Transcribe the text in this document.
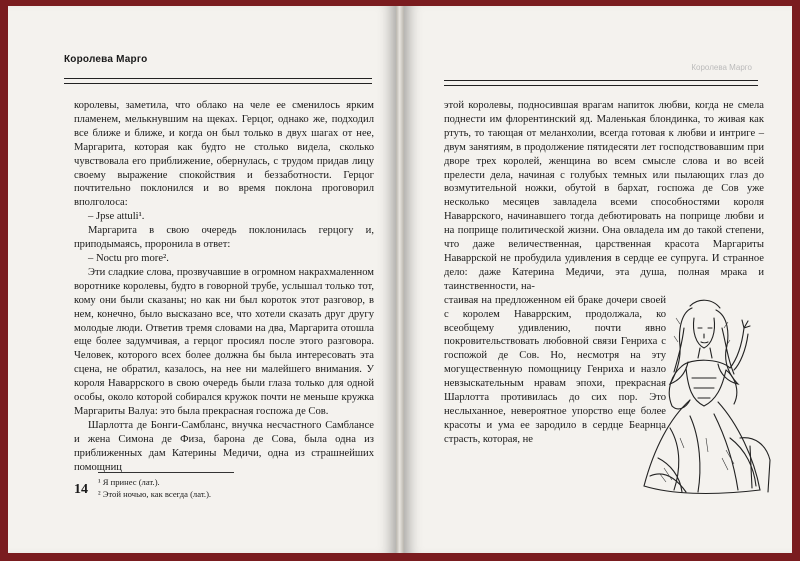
Королева Марго

королевы, заметила, что облако на челе ее сменилось ярким пламенем, мелькнувшим на щеках. Герцог, однако же, подходил все ближе и ближе, и когда он был только в двух шагах от нее, Маргарита, которая как будто не столько видела, сколько чувствовала его приближение, обернулась, с трудом придав лицу своему выражение спокойствия и беззаботности. Герцог почтительно поклонился и во время поклона проговорил вполголоса:

– Jpse attuli¹.

Маргарита в свою очередь поклонилась герцогу и, приподымаясь, проронила в ответ:

– Noctu pro more².

Эти сладкие слова, прозвучавшие в огромном накрахмаленном воротнике королевы, будто в говорной трубе, услышал только тот, кому они были сказаны; но как ни был короток этот разговор, в нем, конечно, было высказано все, что хотели сказать друг другу молодые люди. Ответив тремя словами на два, Маргарита отошла еще более задумчивая, а герцог просиял после этого разговора. Человек, которого всех более должна бы была интересовать эта сцена, не обратил, казалось, на нее ни малейшего внимания. У короля Наваррского в свою очередь были глаза только для одной особы, около которой собирался кружок почти не меньше кружка Маргариты Валуа: это была прекрасная госпожа де Сов.

Шарлотта де Бонги-Самбланс, внучка несчастного Самблансе и жена Симона де Физа, барона де Сова, была одна из приближенных дам Катерины Медичи, одна из страшнейших помощниц

¹ Я принес (лат.).
² Этой ночью, как всегда (лат.).
14
Королева Марго

этой королевы, подносившая врагам напиток любви, когда не смела поднести им флорентинский яд. Маленькая блондинка, то живая как ртуть, то тающая от меланхолии, всегда готовая к любви и интриге – двум занятиям, в продолжение пятидесяти лет господствовавшим при дворе трех королей, женщина во всем смысле слова и во всей прелести дела, начиная с голубых темных или пылающих глаз до возмутительной ножки, обутой в бархат, госпожа де Сов уже несколько месяцев завладела всеми способностями короля Наваррского, начинавшего тогда дебютировать на поприще любви и на поприще политической жизни. Она овладела им до такой степени, что даже величественная, царственная красота Маргариты Наваррской не пробудила удивления в сердце ее супруга. И странное дело: даже Катерина Медичи, эта душа, полная мрака и таинственности, на-

стаивая на предложенном ей браке дочери своей с королем Наваррским, продолжала, ко всеобщему удивлению, почти явно покровительствовать любовной связи Генриха с госпожой де Сов. Но, несмотря на эту могущественную помощницу Генриха и назло невзыскательным нравам эпохи, прекрасная Шарлотта противилась до сих пор. Это неслыханное, невероятное упорство еще более красоты и ума ее зародило в сердце Беарнца страсть, которая, не
